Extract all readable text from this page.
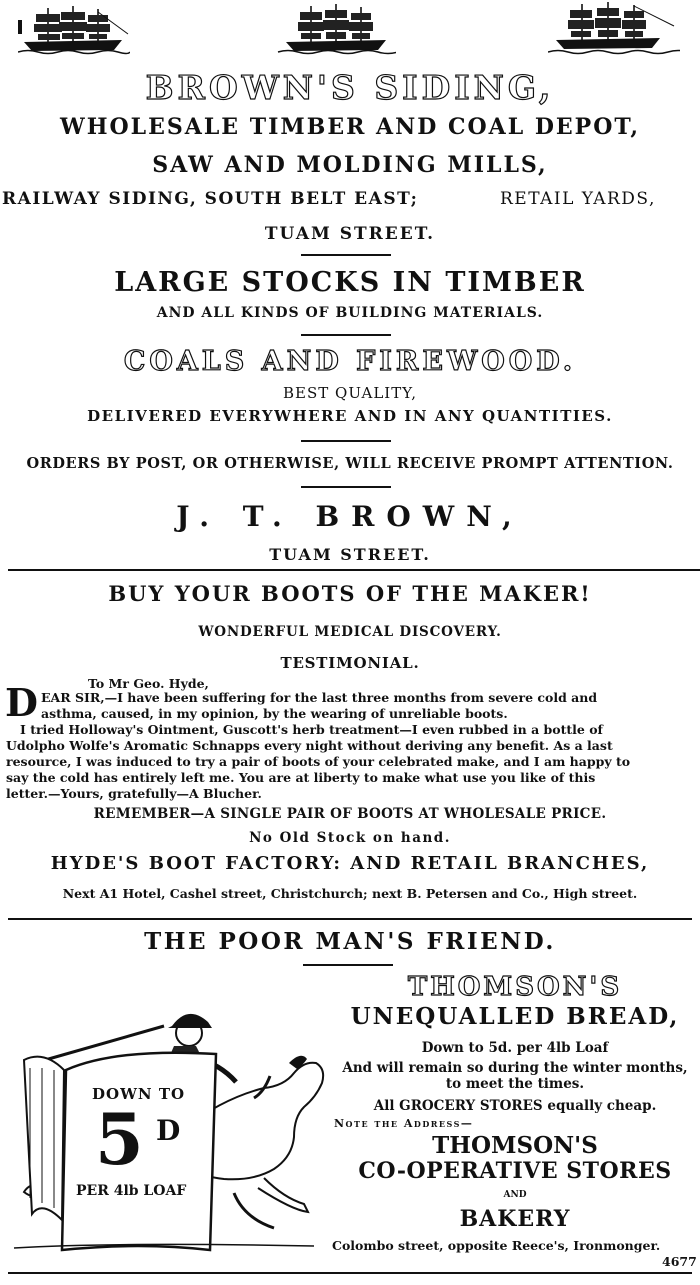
BROWN'S SIDING,
WHOLESALE TIMBER AND COAL DEPOT,
SAW AND MOLDING MILLS,
RAILWAY SIDING, SOUTH BELT EAST;	RETAIL YARDS,
TUAM STREET.
LARGE STOCKS IN TIMBER
AND ALL KINDS OF BUILDING MATERIALS.
COALS AND FIREWOOD.
BEST QUALITY,
DELIVERED EVERYWHERE AND IN ANY QUANTITIES.
ORDERS BY POST, OR OTHERWISE, WILL RECEIVE PROMPT ATTENTION.
J. T. BROWN,
TUAM STREET.
BUY YOUR BOOTS OF THE MAKER!
WONDERFUL MEDICAL DISCOVERY.
TESTIMONIAL.
To Mr Geo. Hyde,
D EAR SIR,—I have been suffering for the last three months from severe cold and
asthma, caused, in my opinion, by the wearing of unreliable boots.
I tried Holloway's Ointment, Guscott's herb treatment—I even rubbed in a bottle of
Udolpho Wolfe's Aromatic Schnapps every night without deriving any benefit. As a last
resource, I was induced to try a pair of boots of your celebrated make, and I am happy to
say the cold has entirely left me. You are at liberty to make what use you like of this
letter.—Yours, gratefully—A Blucher.
REMEMBER—A SINGLE PAIR OF BOOTS AT WHOLESALE PRICE.
No Old Stock on hand.
HYDE'S BOOT FACTORY: AND RETAIL BRANCHES,
Next A1 Hotel, Cashel street, Christchurch; next B. Petersen and Co., High street.
THE POOR MAN'S FRIEND.
DOWN TO
5 D
PER 4lb LOAF
THOMSON'S
UNEQUALLED BREAD,
Down to 5d. per 4lb Loaf
And will remain so during the winter months,
to meet the times.
All GROCERY STORES equally cheap.
Note the Address—
THOMSON'S
CO-OPERATIVE STORES
AND
BAKERY
Colombo street, opposite Reece's, Ironmonger.
4677
